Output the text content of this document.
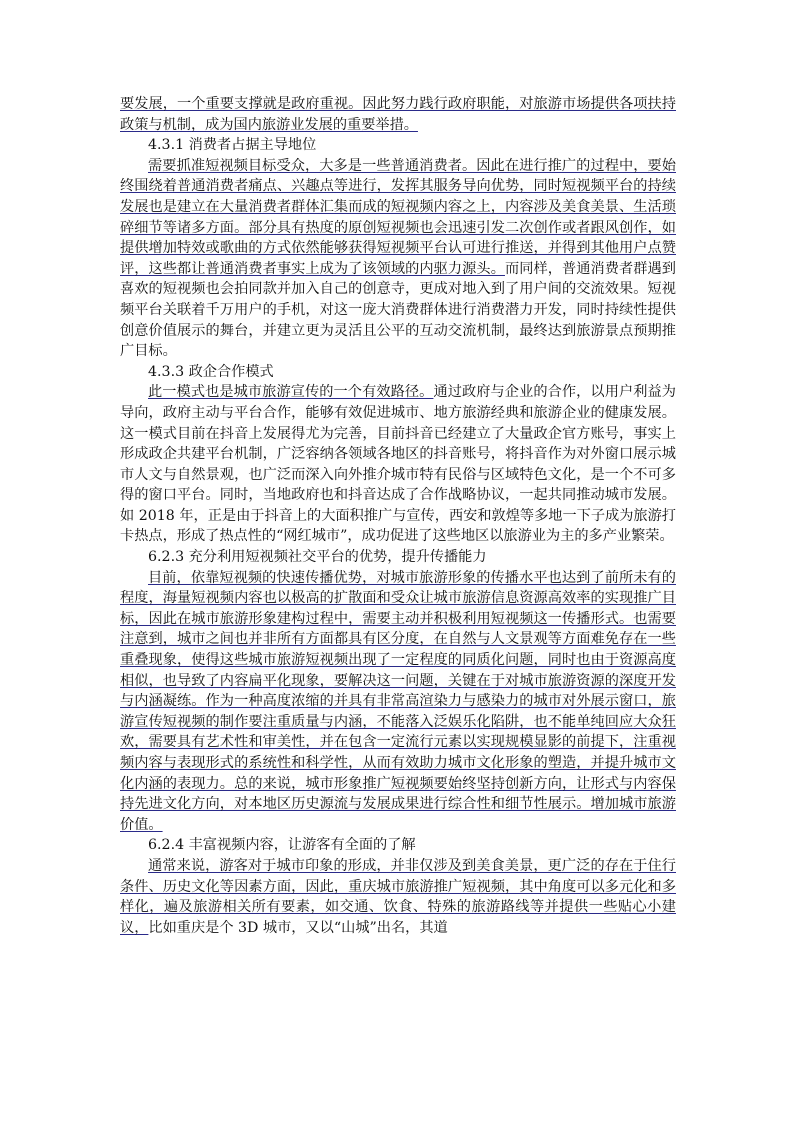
要发展，一个重要支撑就是政府重视。因此努力践行政府职能，对旅游市场提供各项扶持政策与机制，成为国内旅游业发展的重要举措。

4.3.1 消费者占据主导地位

需要抓准短视频目标受众，大多是一些普通消费者。因此在进行推广的过程中，要始终围绕着普通消费者痛点、兴趣点等进行，发挥其服务导向优势，同时短视频平台的持续发展也是建立在大量消费者群体汇集而成的短视频内容之上，内容涉及美食美景、生活琐碎细节等诸多方面。部分具有热度的原创短视频也会迅速引发二次创作或者跟风创作，如提供增加特效或歌曲的方式依然能够获得短视频平台认可进行推送，并得到其他用户点赞评，这些都让普通消费者事实上成为了该领域的内驱力源头。而同样，普通消费者群遇到喜欢的短视频也会拍同款并加入自己的创意寺，更成对地入到了用户间的交流效果。短视频平台关联着千万用户的手机，对这一庞大消费群体进行消费潜力开发，同时持续性提供创意价值展示的舞台，并建立更为灵活且公平的互动交流机制，最终达到旅游景点预期推广目标。

4.3.3 政企合作模式

此一模式也是城市旅游宣传的一个有效路径。通过政府与企业的合作，以用户利益为导向，政府主动与平台合作，能够有效促进城市、地方旅游经典和旅游企业的健康发展。这一模式目前在抖音上发展得尤为完善，目前抖音已经建立了大量政企官方账号，事实上形成政企共建平台机制，广泛容纳各领域各地区的抖音账号，将抖音作为对外窗口展示城市人文与自然景观，也广泛而深入向外推介城市特有民俗与区域特色文化，是一个不可多得的窗口平台。同时，当地政府也和抖音达成了合作战略协议，一起共同推动城市发展。如 2018 年，正是由于抖音上的大面积推广与宣传，西安和敦煌等多地一下子成为旅游打卡热点，形成了热点性的“网红城市”，成功促进了这些地区以旅游业为主的多产业繁荣。

6.2.3 充分利用短视频社交平台的优势，提升传播能力

目前，依靠短视频的快速传播优势，对城市旅游形象的传播水平也达到了前所未有的程度，海量短视频内容也以极高的扩散面和受众让城市旅游信息资源高效率的实现推广目标，因此在城市旅游形象建构过程中，需要主动并积极利用短视频这一传播形式。也需要注意到，城市之间也并非所有方面都具有区分度，在自然与人文景观等方面难免存在一些重叠现象，使得这些城市旅游短视频出现了一定程度的同质化问题，同时也由于资源高度相似，也导致了内容扁平化现象，要解决这一问题，关键在于对城市旅游资源的深度开发与内涵凝练。作为一种高度浓缩的并具有非常高渲染力与感染力的城市对外展示窗口，旅游宣传短视频的制作要注重质量与内涵，不能落入泛娱乐化陷阱，也不能单纯回应大众狂欢，需要具有艺术性和审美性，并在包含一定流行元素以实现规模显影的前提下，注重视频内容与表现形式的系统性和科学性，从而有效助力城市文化形象的塑造，并提升城市文化内涵的表现力。总的来说，城市形象推广短视频要始终坚持创新方向，让形式与内容保持先进文化方向，对本地区历史源流与发展成果进行综合性和细节性展示。增加城市旅游价值。

6.2.4 丰富视频内容，让游客有全面的了解

通常来说，游客对于城市印象的形成，并非仅涉及到美食美景，更广泛的存在于住行条件、历史文化等因素方面，因此，重庆城市旅游推广短视频，其中角度可以多元化和多样化，遍及旅游相关所有要素，如交通、饮食、特殊的旅游路线等并提供一些贴心小建议，比如重庆是个 3D 城市，又以“山城”出名，其道
